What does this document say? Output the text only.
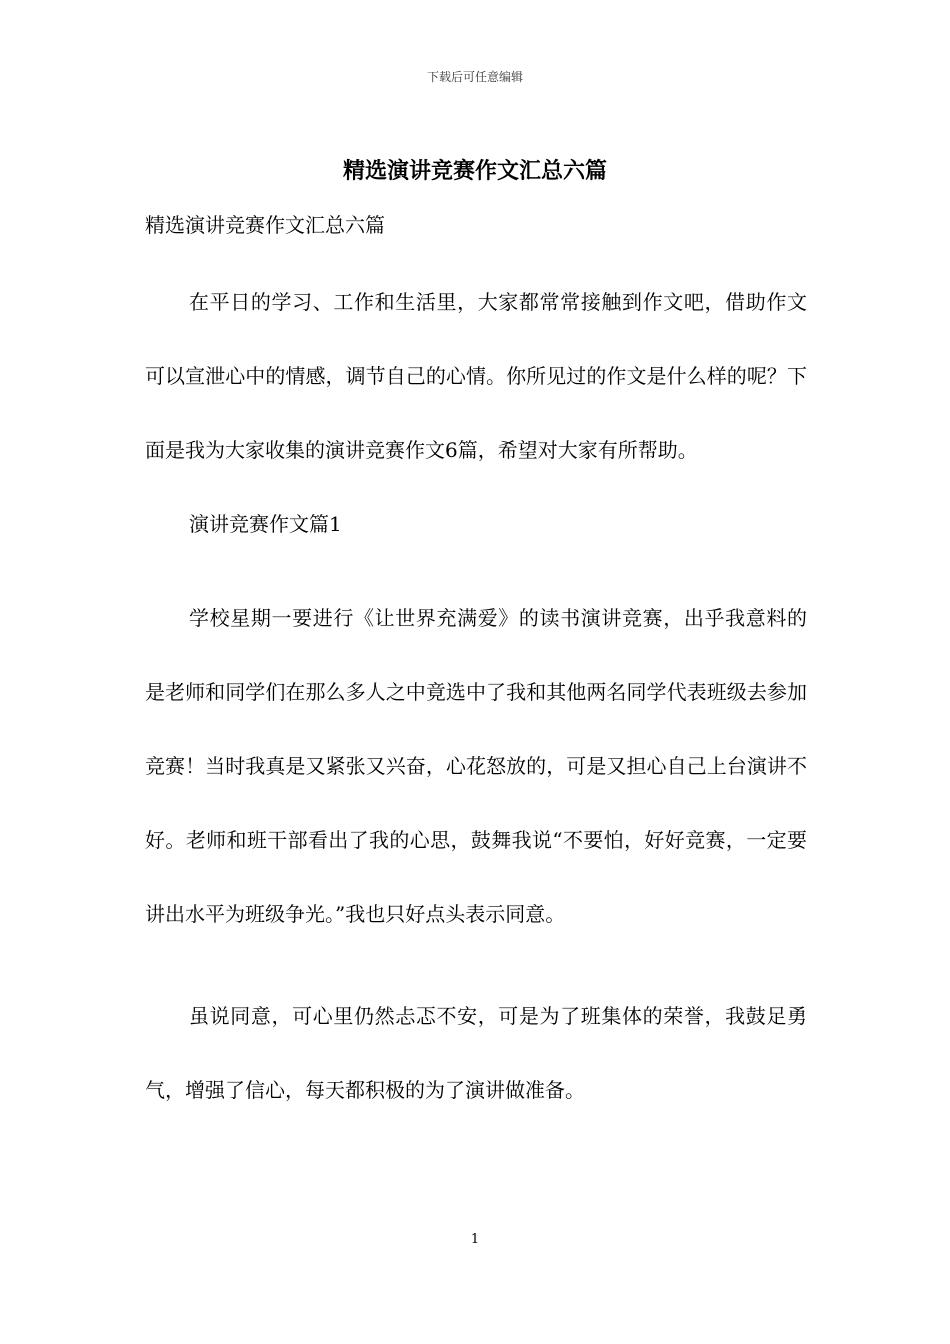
下载后可任意编辑
精选演讲竞赛作文汇总六篇

精选演讲竞赛作文汇总六篇

在平日的学习、工作和生活里，大家都常常接触到作文吧，借助作文可以宣泄心中的情感，调节自己的心情。你所见过的作文是什么样的呢？下面是我为大家收集的演讲竞赛作文6篇，希望对大家有所帮助。

演讲竞赛作文篇1

学校星期一要进行《让世界充满爱》的读书演讲竞赛，出乎我意料的是老师和同学们在那么多人之中竟选中了我和其他两名同学代表班级去参加竞赛！当时我真是又紧张又兴奋，心花怒放的，可是又担心自己上台演讲不好。老师和班干部看出了我的心思，鼓舞我说“不要怕，好好竞赛，一定要讲出水平为班级争光。”我也只好点头表示同意。

虽说同意，可心里仍然忐忑不安，可是为了班集体的荣誉，我鼓足勇气，增强了信心，每天都积极的为了演讲做准备。

1
